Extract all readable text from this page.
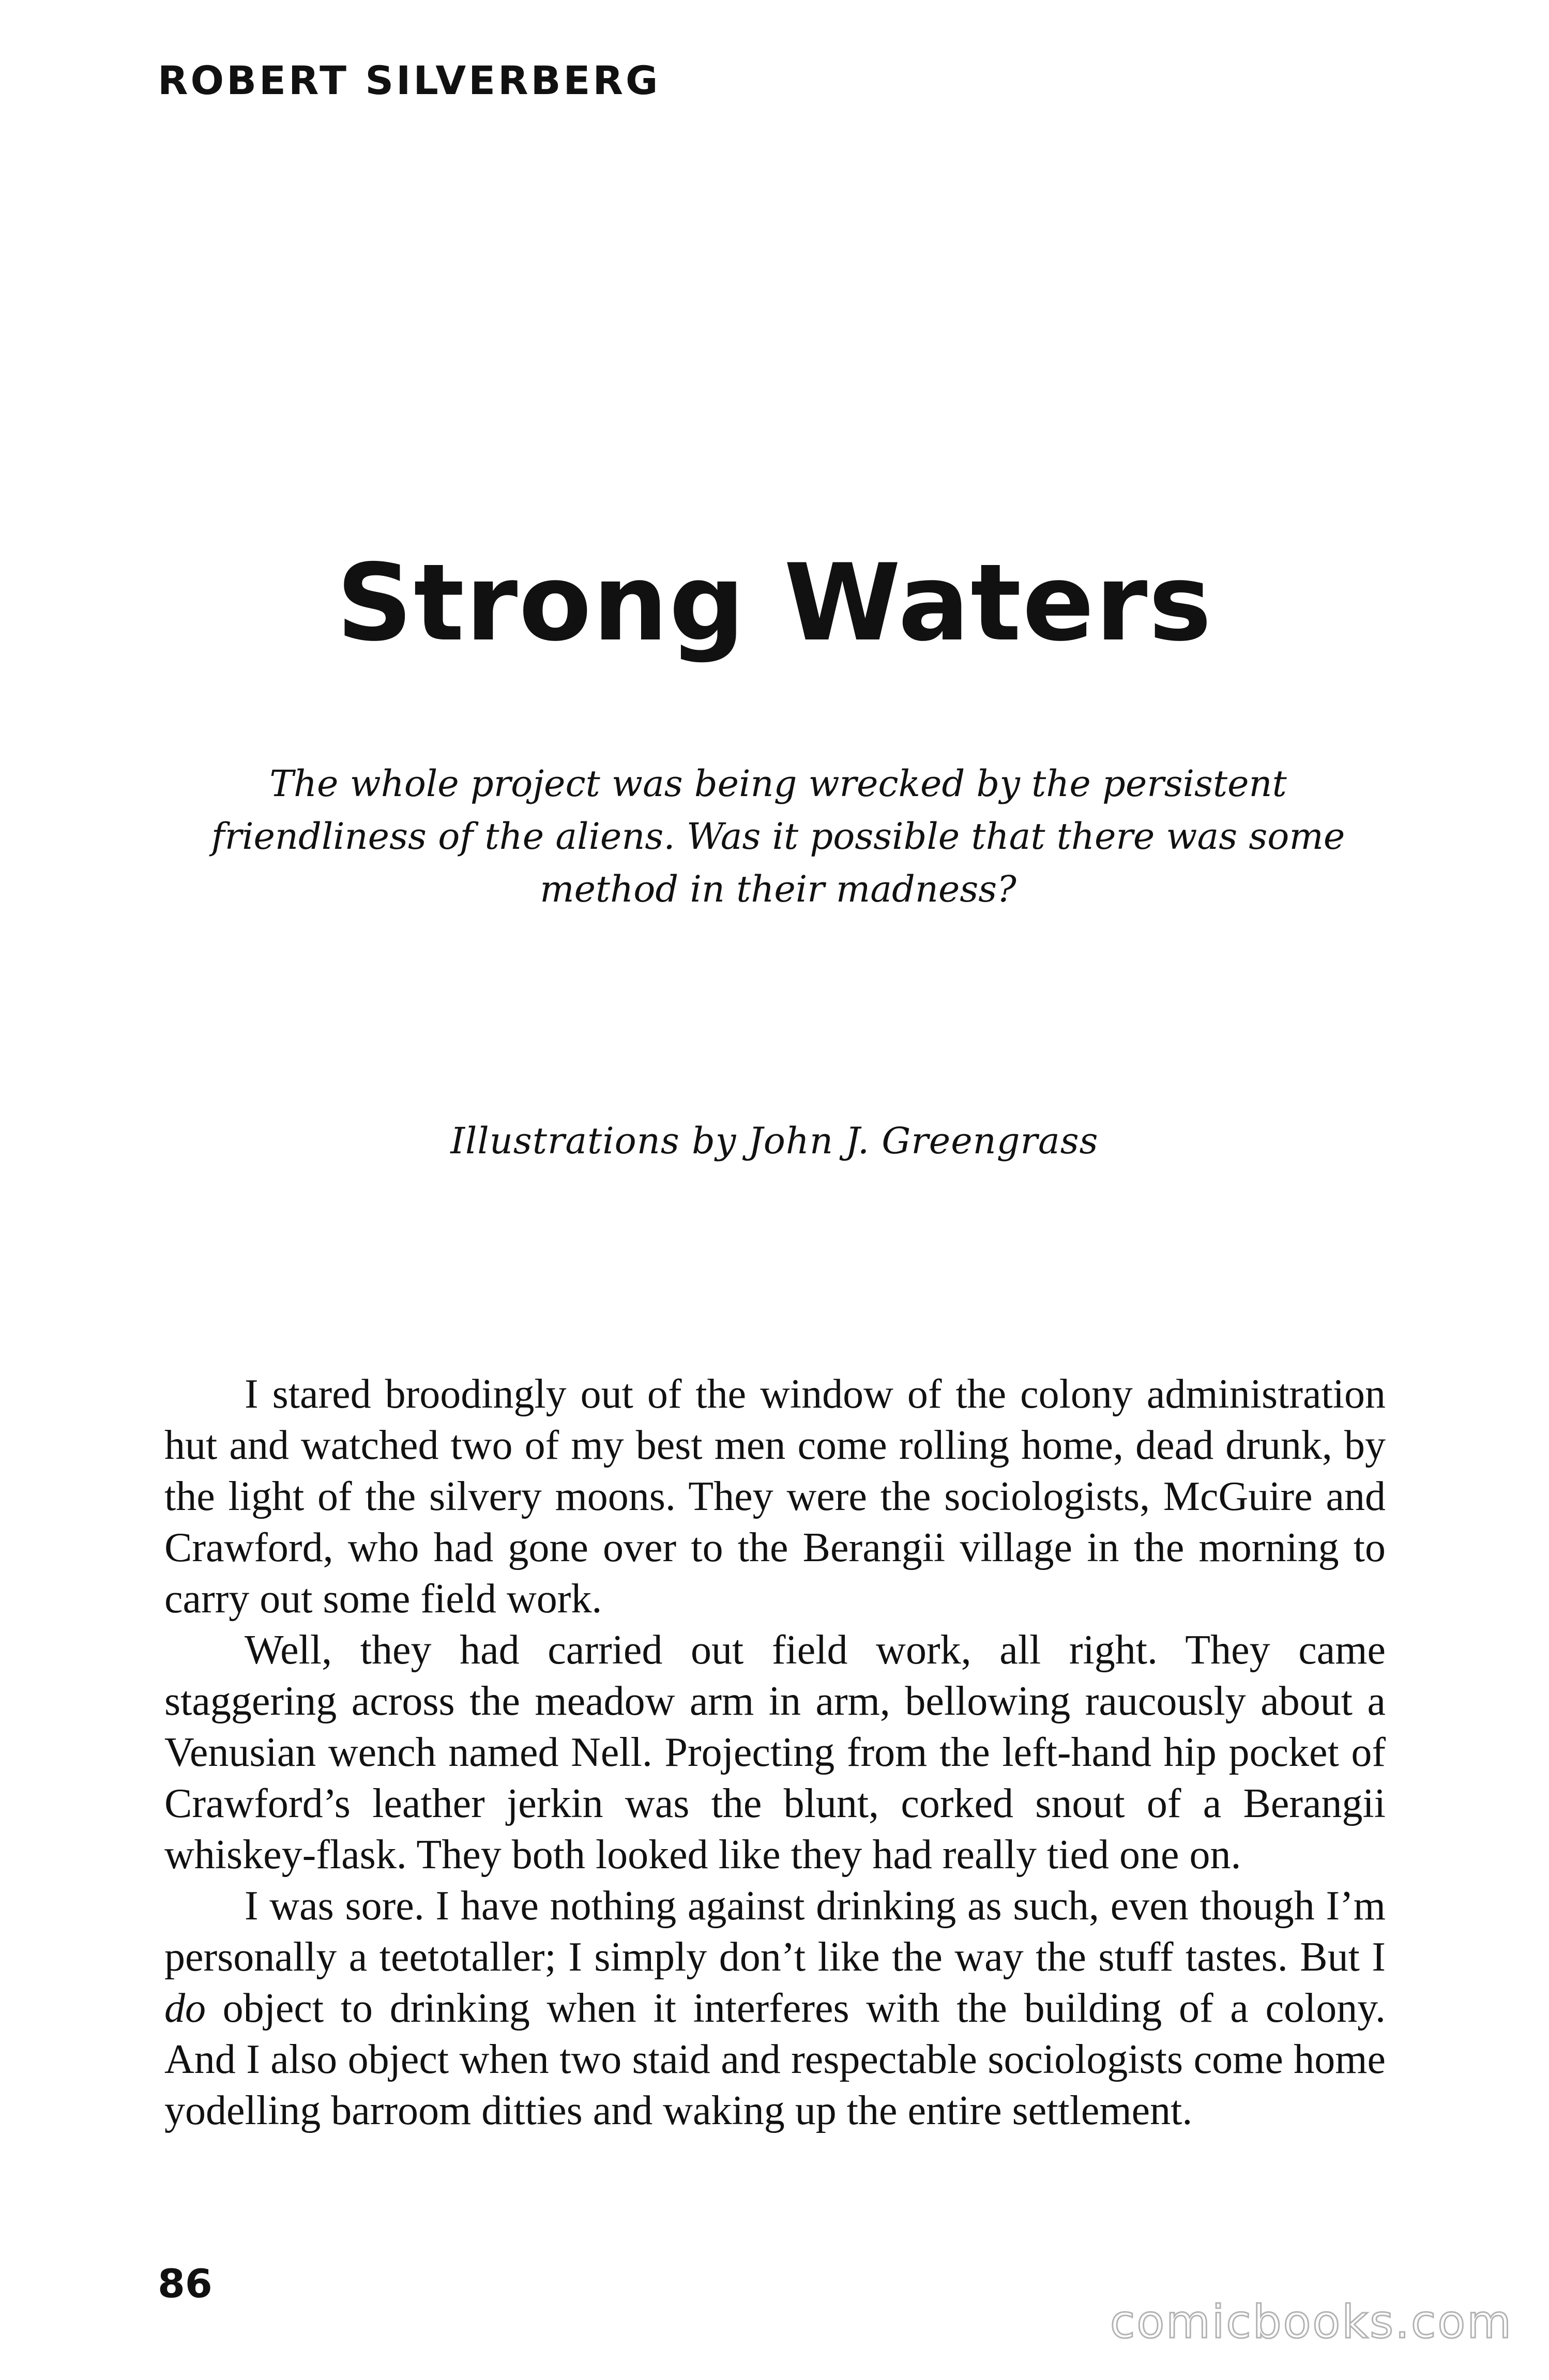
ROBERT SILVERBERG
Strong Waters
The whole project was being wrecked by the persistent friendliness of the aliens. Was it possible that there was some method in their madness?
Illustrations by John J. Greengrass

I stared broodingly out of the window of the colony administration hut and watched two of my best men come rolling home, dead drunk, by the light of the silvery moons. They were the sociologists, McGuire and Crawford, who had gone over to the Berangii village in the morning to carry out some field work.

Well, they had carried out field work, all right. They came staggering across the meadow arm in arm, bellowing raucously about a Venusian wench named Nell. Projecting from the left-hand hip pocket of Crawford’s leather jerkin was the blunt, corked snout of a Berangii whiskey-flask. They both looked like they had really tied one on.

I was sore. I have nothing against drinking as such, even though I’m personally a teetotaller; I simply don’t like the way the stuff tastes. But I do object to drinking when it interferes with the building of a colony. And I also object when two staid and respectable sociologists come home yodelling barroom ditties and waking up the entire settlement.

86
comicbooks.com
